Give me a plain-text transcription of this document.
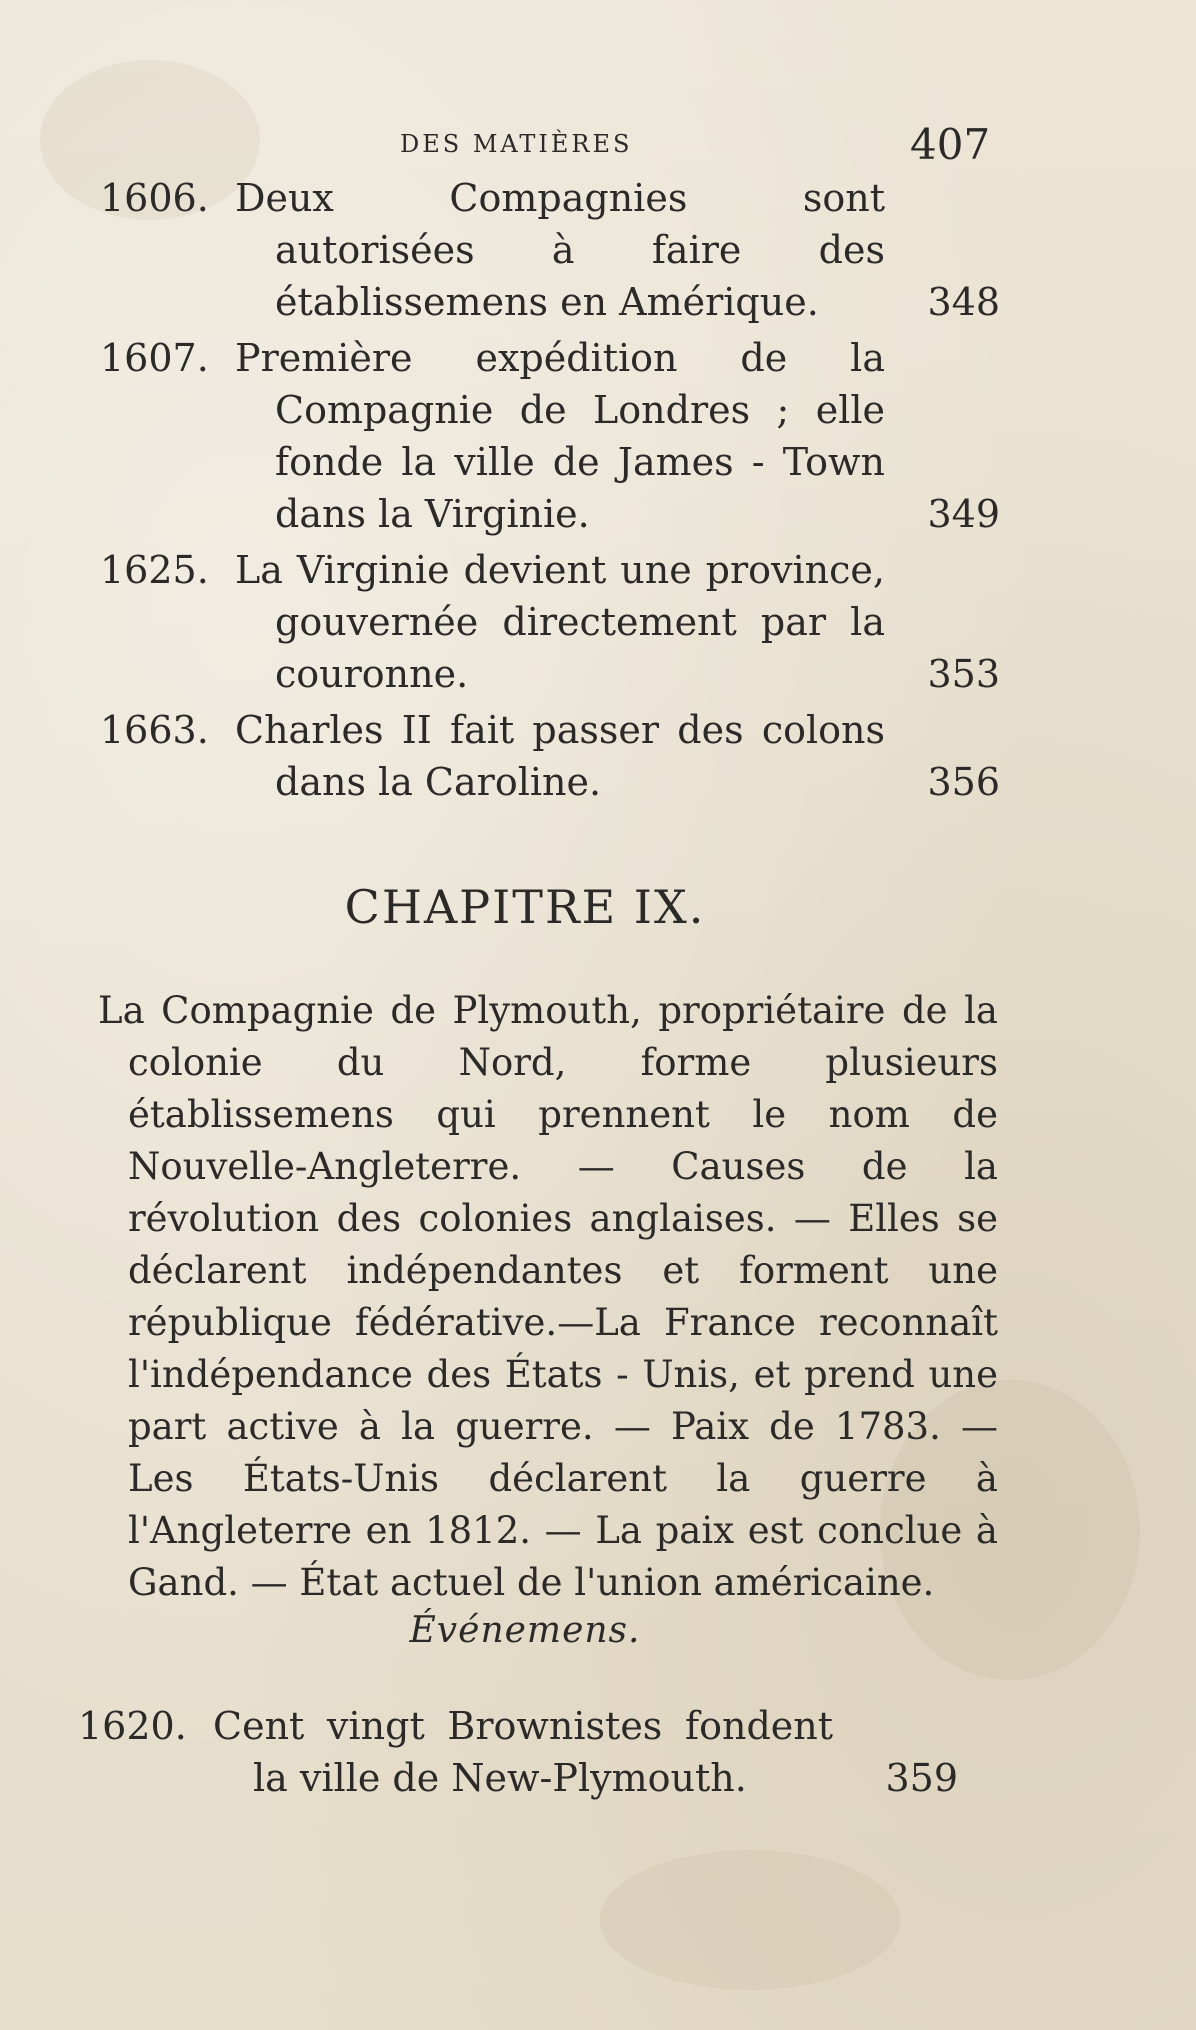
DES MATIÈRES	407
1606. Deux Compagnies sont autorisées à faire des établissemens en Amérique.	348
1607. Première expédition de la Compagnie de Londres ; elle fonde la ville de James - Town dans la Virginie.	349
1625. La Virginie devient une province, gouvernée directement par la couronne.	353
1663. Charles II fait passer des colons dans la Caroline.	356
CHAPITRE IX.
La Compagnie de Plymouth, propriétaire de la colonie du Nord, forme plusieurs établissemens qui prennent le nom de Nouvelle-Angleterre. — Causes de la révolution des colonies anglaises. — Elles se déclarent indépendantes et forment une république fédérative.—La France reconnaît l'indépendance des États - Unis, et prend une part active à la guerre. — Paix de 1783. — Les États-Unis déclarent la guerre à l'Angleterre en 1812. — La paix est conclue à Gand. — État actuel de l'union américaine.
Événemens.
1620. Cent vingt Brownistes fondent la ville de New-Plymouth.	359
